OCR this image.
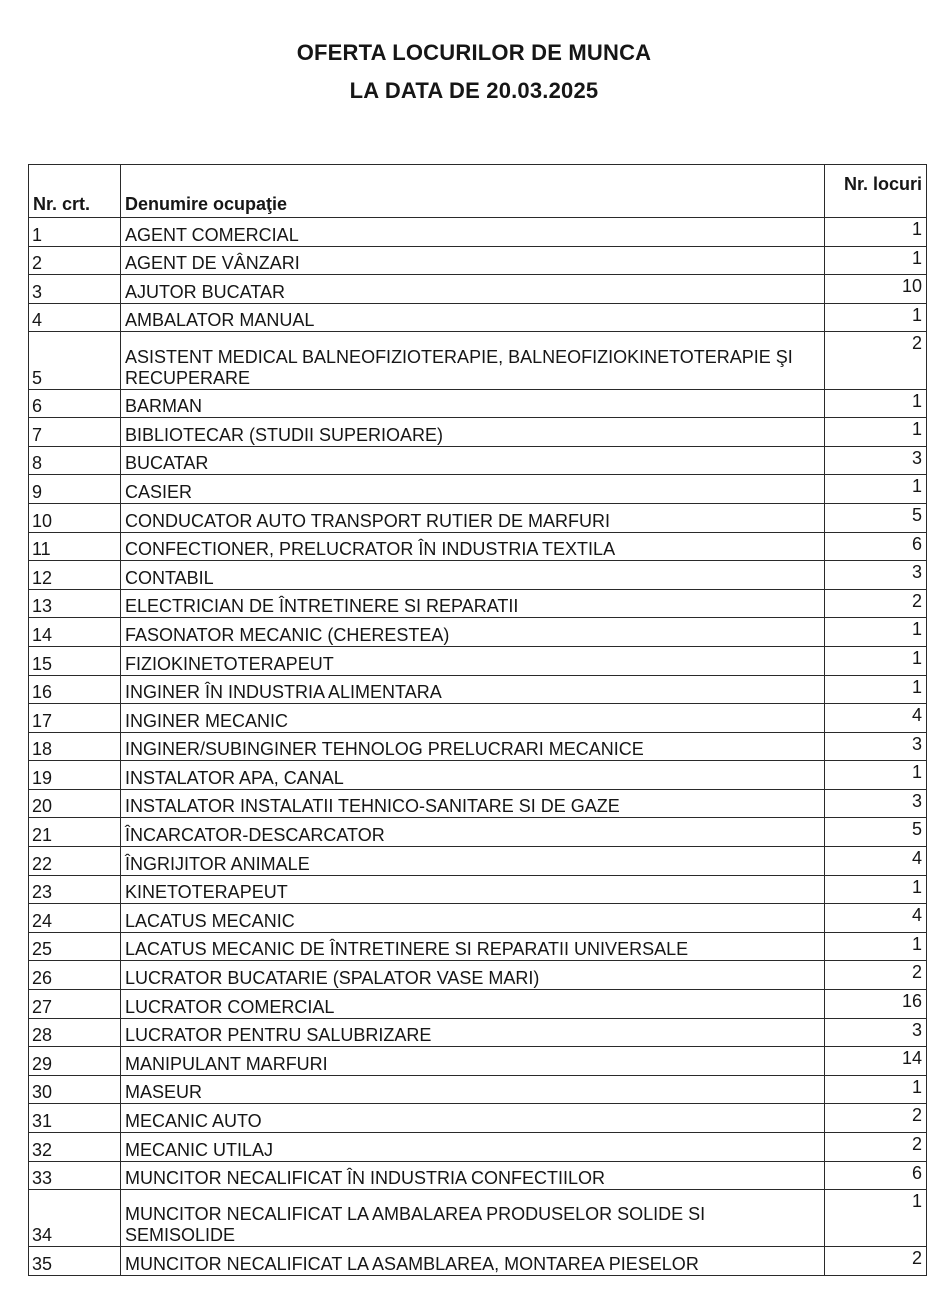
OFERTA LOCURILOR DE MUNCA
LA DATA DE 20.03.2025
Nr. crt.	Denumire ocupaţie	Nr. locuri
1	AGENT COMERCIAL	1
2	AGENT DE VÂNZARI	1
3	AJUTOR BUCATAR	10
4	AMBALATOR MANUAL	1
5	ASISTENT MEDICAL BALNEOFIZIOTERAPIE, BALNEOFIZIOKINETOTERAPIE ŞI
RECUPERARE	2
6	BARMAN	1
7	BIBLIOTECAR (STUDII SUPERIOARE)	1
8	BUCATAR	3
9	CASIER	1
10	CONDUCATOR AUTO TRANSPORT RUTIER DE MARFURI	5
11	CONFECTIONER, PRELUCRATOR ÎN INDUSTRIA TEXTILA	6
12	CONTABIL	3
13	ELECTRICIAN DE ÎNTRETINERE SI REPARATII	2
14	FASONATOR MECANIC (CHERESTEA)	1
15	FIZIOKINETOTERAPEUT	1
16	INGINER ÎN INDUSTRIA ALIMENTARA	1
17	INGINER MECANIC	4
18	INGINER/SUBINGINER TEHNOLOG PRELUCRARI MECANICE	3
19	INSTALATOR APA, CANAL	1
20	INSTALATOR INSTALATII TEHNICO-SANITARE SI DE GAZE	3
21	ÎNCARCATOR-DESCARCATOR	5
22	ÎNGRIJITOR ANIMALE	4
23	KINETOTERAPEUT	1
24	LACATUS MECANIC	4
25	LACATUS MECANIC DE ÎNTRETINERE SI REPARATII UNIVERSALE	1
26	LUCRATOR BUCATARIE (SPALATOR VASE MARI)	2
27	LUCRATOR COMERCIAL	16
28	LUCRATOR PENTRU SALUBRIZARE	3
29	MANIPULANT MARFURI	14
30	MASEUR	1
31	MECANIC AUTO	2
32	MECANIC UTILAJ	2
33	MUNCITOR NECALIFICAT ÎN INDUSTRIA CONFECTIILOR	6
34	MUNCITOR NECALIFICAT LA AMBALAREA PRODUSELOR SOLIDE SI
SEMISOLIDE	1
35	MUNCITOR NECALIFICAT LA ASAMBLAREA, MONTAREA PIESELOR	2
